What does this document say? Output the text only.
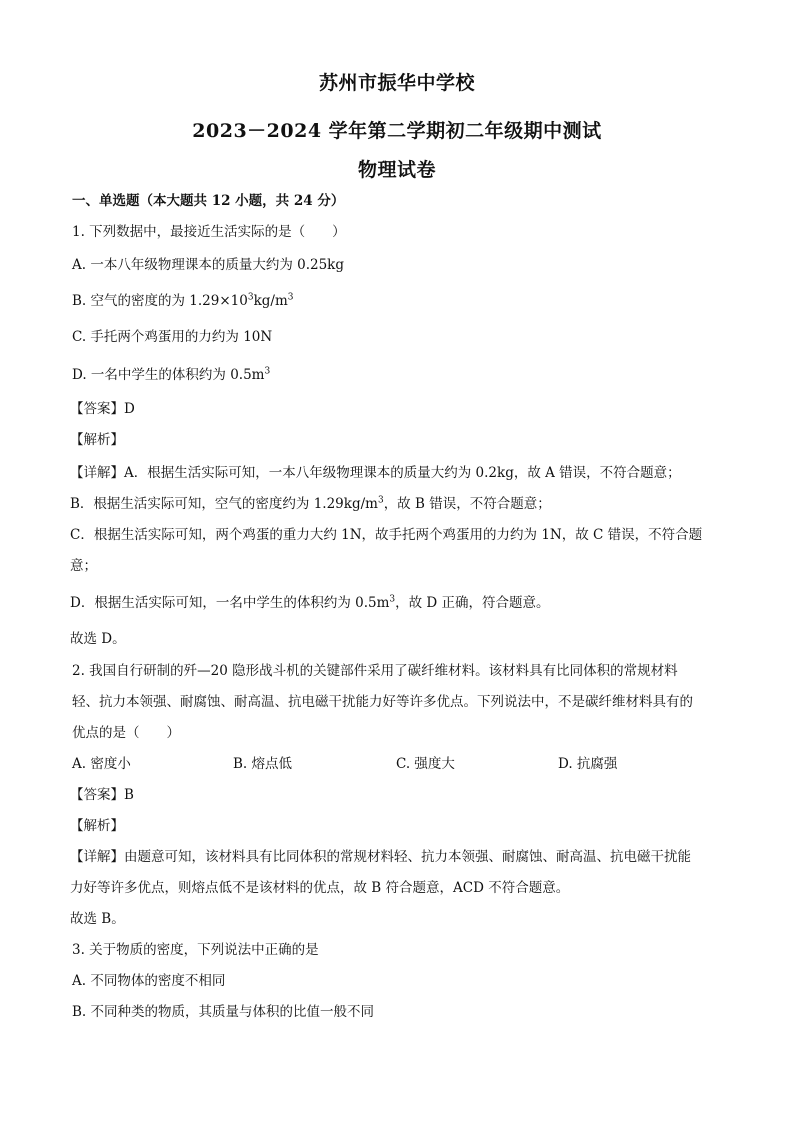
苏州市振华中学校
2023－2024 学年第二学期初二年级期中测试
物理试卷
一、单选题（本大题共 12 小题，共 24 分）
1. 下列数据中，最接近生活实际的是（　　）
A. 一本八年级物理课本的质量大约为 0.25kg
B. 空气的密度的为 $1.29\times 10^3kg/m^3$
C. 手托两个鸡蛋用的力约为 10N
D. 一名中学生的体积约为 $0.5m^3$
【答案】D
【解析】
【详解】A．根据生活实际可知，一本八年级物理课本的质量大约为 0.2kg，故 A 错误，不符合题意；
B．根据生活实际可知，空气的密度约为 $1.29kg/m^3$，故 B 错误，不符合题意；
C．根据生活实际可知，两个鸡蛋的重力大约 1N，故手托两个鸡蛋用的力约为 1N，故 C 错误，不符合题
意；
D．根据生活实际可知，一名中学生的体积约为 $0.5m^3$，故 D 正确，符合题意。
故选 D。
2. 我国自行研制的歼—20 隐形战斗机的关键部件采用了碳纤维材料。该材料具有比同体积的常规材料
轻、抗力本领强、耐腐蚀、耐高温、抗电磁干扰能力好等许多优点。下列说法中，不是碳纤维材料具有的
优点的是（　　）
A. 密度小	B. 熔点低	C. 强度大	D. 抗腐强
【答案】B
【解析】
【详解】由题意可知，该材料具有比同体积的常规材料轻、抗力本领强、耐腐蚀、耐高温、抗电磁干扰能
力好等许多优点，则熔点低不是该材料的优点，故 B 符合题意，ACD 不符合题意。
故选 B。
3. 关于物质的密度，下列说法中正确的是
A. 不同物体的密度不相同
B. 不同种类的物质，其质量与体积的比值一般不同
